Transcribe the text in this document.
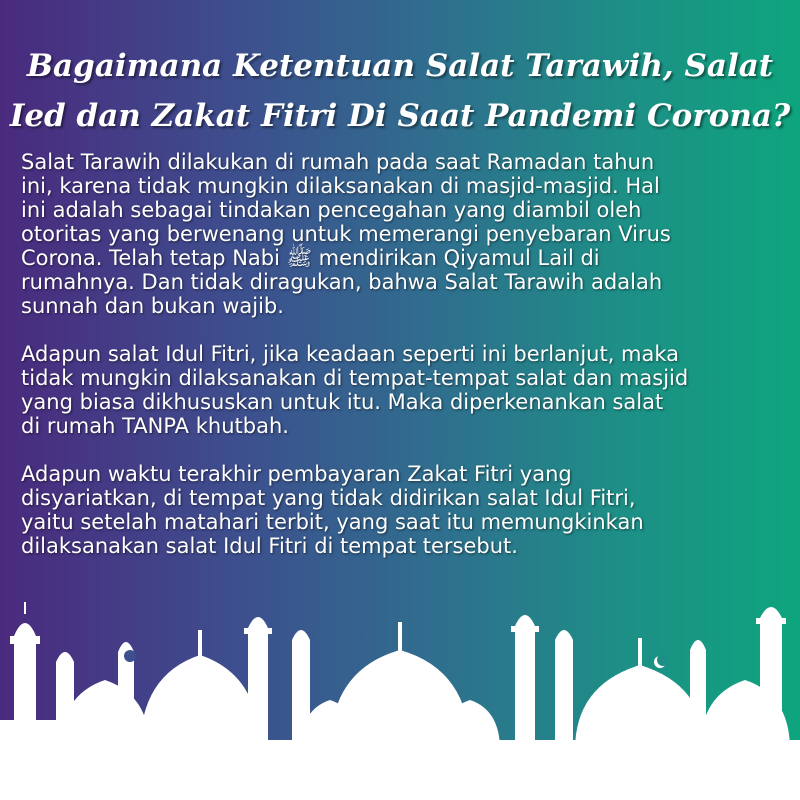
Bagaimana Ketentuan Salat Tarawih, Salat
Ied dan Zakat Fitri Di Saat Pandemi Corona?

Salat Tarawih dilakukan di rumah pada saat Ramadan tahun
ini, karena tidak mungkin dilaksanakan di masjid-masjid. Hal
ini adalah sebagai tindakan pencegahan yang diambil oleh
otoritas yang berwenang untuk memerangi penyebaran Virus
Corona. Telah tetap Nabi ﷺ mendirikan Qiyamul Lail di
rumahnya. Dan tidak diragukan, bahwa Salat Tarawih adalah
sunnah dan bukan wajib.

Adapun salat Idul Fitri, jika keadaan seperti ini berlanjut, maka
tidak mungkin dilaksanakan di tempat-tempat salat dan masjid
yang biasa dikhususkan untuk itu. Maka diperkenankan salat
di rumah TANPA khutbah.

Adapun waktu terakhir pembayaran Zakat Fitri yang
disyariatkan, di tempat yang tidak didirikan salat Idul Fitri,
yaitu setelah matahari terbit, yang saat itu memungkinkan
dilaksanakan salat Idul Fitri di tempat tersebut.
